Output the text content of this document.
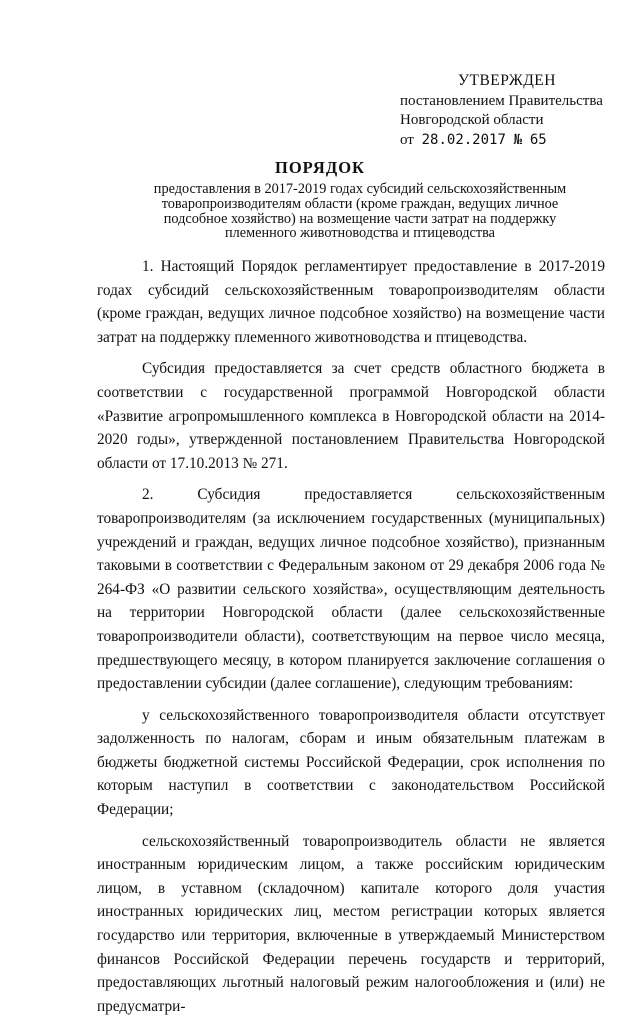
УТВЕРЖДЕН
постановлением Правительства
Новгородской области
от 28.02.2017 № 65
ПОРЯДОК
предоставления в 2017-2019 годах субсидий сельскохозяйственным товаропроизводителям области (кроме граждан, ведущих личное подсобное хозяйство) на возмещение части затрат на поддержку племенного животноводства и птицеводства

1. Настоящий Порядок регламентирует предоставление в 2017-2019 годах субсидий сельскохозяйственным товаропроизводителям области (кроме граждан, ведущих личное подсобное хозяйство) на возмещение части затрат на поддержку племенного животноводства и птицеводства.

Субсидия предоставляется за счет средств областного бюджета в соответствии с государственной программой Новгородской области «Развитие агропромышленного комплекса в Новгородской области на 2014-2020 годы», утвержденной постановлением Правительства Новгородской области от 17.10.2013 № 271.

2. Субсидия предоставляется сельскохозяйственным товаропроизводителям (за исключением государственных (муниципальных) учреждений и граждан, ведущих личное подсобное хозяйство), признанным таковыми в соответствии с Федеральным законом от 29 декабря 2006 года № 264-ФЗ «О развитии сельского хозяйства», осуществляющим деятельность на территории Новгородской области (далее сельскохозяйственные товаропроизводители области), соответствующим на первое число месяца, предшествующего месяцу, в котором планируется заключение соглашения о предоставлении субсидии (далее соглашение), следующим требованиям:

у сельскохозяйственного товаропроизводителя области отсутствует задолженность по налогам, сборам и иным обязательным платежам в бюджеты бюджетной системы Российской Федерации, срок исполнения по которым наступил в соответствии с законодательством Российской Федерации;

сельскохозяйственный товаропроизводитель области не является иностранным юридическим лицом, а также российским юридическим лицом, в уставном (складочном) капитале которого доля участия иностранных юридических лиц, местом регистрации которых является государство или территория, включенные в утверждаемый Министерством финансов Российской Федерации перечень государств и территорий, предоставляющих льготный налоговый режим налогообложения и (или) не предусматри-
